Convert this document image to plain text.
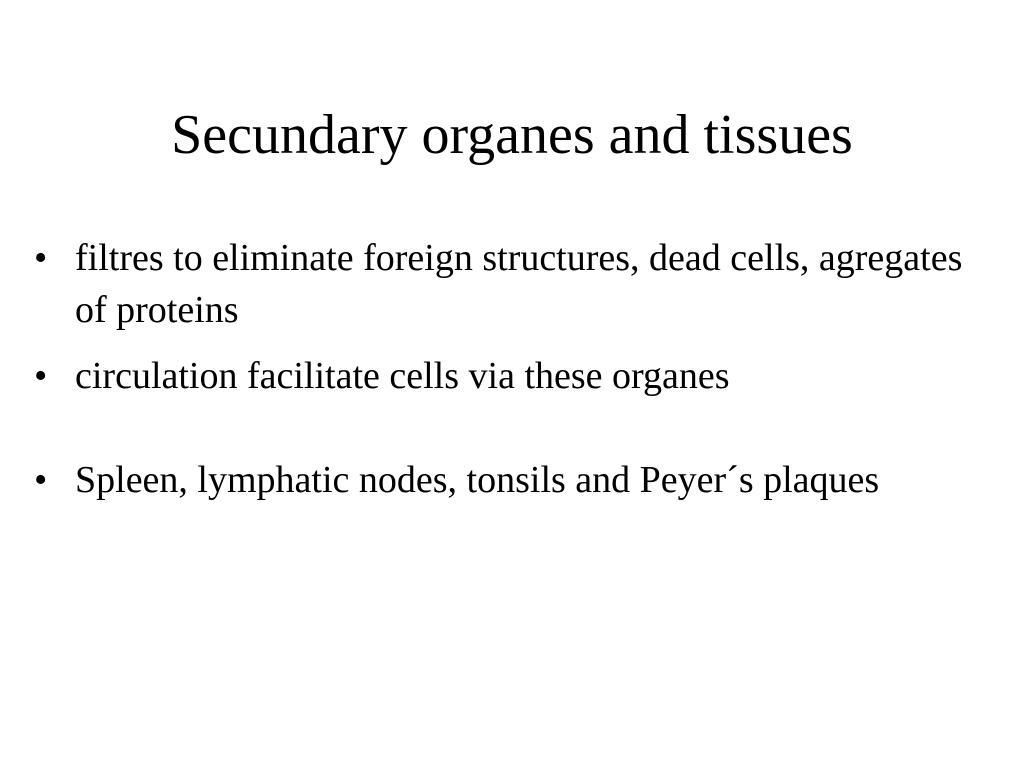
Secundary organes and tissues
• filtres to eliminate foreign structures, dead cells, agregates of proteins
• circulation facilitate cells via these organes
• Spleen, lymphatic nodes, tonsils and Peyer´s plaques
